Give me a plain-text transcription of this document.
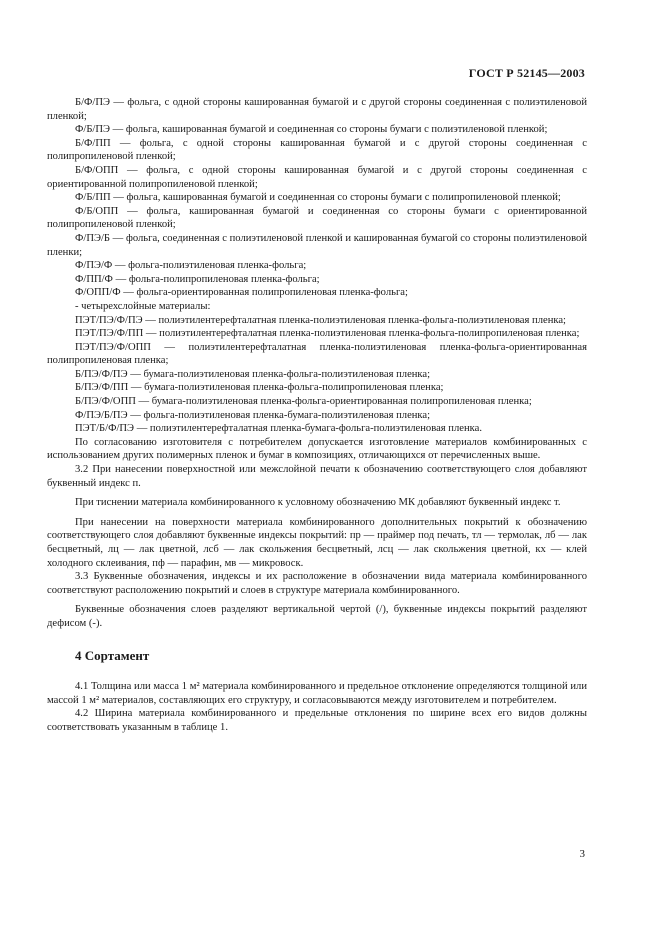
ГОСТ Р 52145—2003

Б/Ф/ПЭ — фольга, с одной стороны кашированная бумагой и с другой стороны соединенная с полиэтиленовой пленкой;

Ф/Б/ПЭ — фольга, кашированная бумагой и соединенная со стороны бумаги с полиэтиленовой пленкой;

Б/Ф/ПП — фольга, с одной стороны кашированная бумагой и с другой стороны соединенная с полипропиленовой пленкой;

Б/Ф/ОПП — фольга, с одной стороны кашированная бумагой и с другой стороны соединенная с ориентированной полипропиленовой пленкой;

Ф/Б/ПП — фольга, кашированная бумагой и соединенная со стороны бумаги с полипропиленовой пленкой;

Ф/Б/ОПП — фольга, кашированная бумагой и соединенная со стороны бумаги с ориентированной полипропиленовой пленкой;

Ф/ПЭ/Б — фольга, соединенная с полиэтиленовой пленкой и кашированная бумагой со стороны полиэтиленовой пленки;

Ф/ПЭ/Ф — фольга-полиэтиленовая пленка-фольга;

Ф/ПП/Ф — фольга-полипропиленовая пленка-фольга;

Ф/ОПП/Ф — фольга-ориентированная полипропиленовая пленка-фольга;

- четырехслойные материалы:

ПЭТ/ПЭ/Ф/ПЭ — полиэтилентерефталатная пленка-полиэтиленовая пленка-фольга-полиэтиленовая пленка;

ПЭТ/ПЭ/Ф/ПП — полиэтилентерефталатная пленка-полиэтиленовая пленка-фольга-полипропиленовая пленка;

ПЭТ/ПЭ/Ф/ОПП — полиэтилентерефталатная пленка-полиэтиленовая пленка-фольга-ориентированная полипропиленовая пленка;

Б/ПЭ/Ф/ПЭ — бумага-полиэтиленовая пленка-фольга-полиэтиленовая пленка;

Б/ПЭ/Ф/ПП — бумага-полиэтиленовая пленка-фольга-полипропиленовая пленка;

Б/ПЭ/Ф/ОПП — бумага-полиэтиленовая пленка-фольга-ориентированная полипропиленовая пленка;

Ф/ПЭ/Б/ПЭ — фольга-полиэтиленовая пленка-бумага-полиэтиленовая пленка;

ПЭТ/Б/Ф/ПЭ — полиэтилентерефталатная пленка-бумага-фольга-полиэтиленовая пленка.

По согласованию изготовителя с потребителем допускается изготовление материалов комбинированных с использованием других полимерных пленок и бумаг в композициях, отличающихся от перечисленных выше.

3.2 При нанесении поверхностной или межслойной печати к обозначению соответствующего слоя добавляют буквенный индекс п.

При тиснении материала комбинированного к условному обозначению МК добавляют буквенный индекс т.

При нанесении на поверхности материала комбинированного дополнительных покрытий к обозначению соответствующего слоя добавляют буквенные индексы покрытий: пр — праймер под печать, тл — термолак, лб — лак бесцветный, лц — лак цветной, лсб — лак скольжения бесцветный, лсц — лак скольжения цветной, кх — клей холодного склеивания, пф — парафин, мв — микровоск.

3.3 Буквенные обозначения, индексы и их расположение в обозначении вида материала комбинированного соответствуют расположению покрытий и слоев в структуре материала комбинированного.

Буквенные обозначения слоев разделяют вертикальной чертой (/), буквенные индексы покрытий разделяют дефисом (-).

4 Сортамент

4.1 Толщина или масса 1 м² материала комбинированного и предельное отклонение определяются толщиной или массой 1 м² материалов, составляющих его структуру, и согласовываются между изготовителем и потребителем.

4.2 Ширина материала комбинированного и предельные отклонения по ширине всех его видов должны соответствовать указанным в таблице 1.

3
